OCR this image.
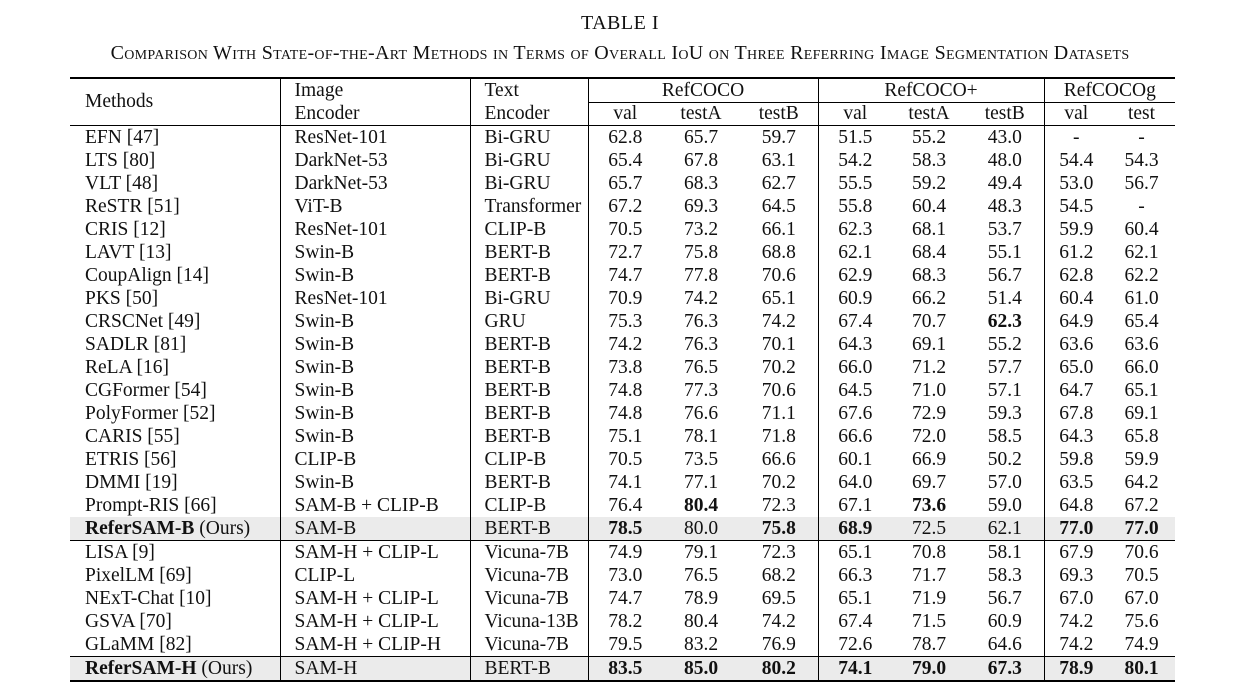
TABLE I
Comparison With State-of-the-Art Methods in Terms of Overall IoU on Three Referring Image Segmentation Datasets
Methods	Image	Text	RefCOCO			RefCOCO+			RefCOCOg	
	Encoder	Encoder	val	testA	testB	val	testA	testB	val	test
EFN [47]	ResNet-101	Bi-GRU	62.8	65.7	59.7	51.5	55.2	43.0	-	-
LTS [80]	DarkNet-53	Bi-GRU	65.4	67.8	63.1	54.2	58.3	48.0	54.4	54.3
VLT [48]	DarkNet-53	Bi-GRU	65.7	68.3	62.7	55.5	59.2	49.4	53.0	56.7
ReSTR [51]	ViT-B	Transformer	67.2	69.3	64.5	55.8	60.4	48.3	54.5	-
CRIS [12]	ResNet-101	CLIP-B	70.5	73.2	66.1	62.3	68.1	53.7	59.9	60.4
LAVT [13]	Swin-B	BERT-B	72.7	75.8	68.8	62.1	68.4	55.1	61.2	62.1
CoupAlign [14]	Swin-B	BERT-B	74.7	77.8	70.6	62.9	68.3	56.7	62.8	62.2
PKS [50]	ResNet-101	Bi-GRU	70.9	74.2	65.1	60.9	66.2	51.4	60.4	61.0
CRSCNet [49]	Swin-B	GRU	75.3	76.3	74.2	67.4	70.7	62.3	64.9	65.4
SADLR [81]	Swin-B	BERT-B	74.2	76.3	70.1	64.3	69.1	55.2	63.6	63.6
ReLA [16]	Swin-B	BERT-B	73.8	76.5	70.2	66.0	71.2	57.7	65.0	66.0
CGFormer [54]	Swin-B	BERT-B	74.8	77.3	70.6	64.5	71.0	57.1	64.7	65.1
PolyFormer [52]	Swin-B	BERT-B	74.8	76.6	71.1	67.6	72.9	59.3	67.8	69.1
CARIS [55]	Swin-B	BERT-B	75.1	78.1	71.8	66.6	72.0	58.5	64.3	65.8
ETRIS [56]	CLIP-B	CLIP-B	70.5	73.5	66.6	60.1	66.9	50.2	59.8	59.9
DMMI [19]	Swin-B	BERT-B	74.1	77.1	70.2	64.0	69.7	57.0	63.5	64.2
Prompt-RIS [66]	SAM-B + CLIP-B	CLIP-B	76.4	80.4	72.3	67.1	73.6	59.0	64.8	67.2
ReferSAM-B (Ours)	SAM-B	BERT-B	78.5	80.0	75.8	68.9	72.5	62.1	77.0	77.0
LISA [9]	SAM-H + CLIP-L	Vicuna-7B	74.9	79.1	72.3	65.1	70.8	58.1	67.9	70.6
PixelLM [69]	CLIP-L	Vicuna-7B	73.0	76.5	68.2	66.3	71.7	58.3	69.3	70.5
NExT-Chat [10]	SAM-H + CLIP-L	Vicuna-7B	74.7	78.9	69.5	65.1	71.9	56.7	67.0	67.0
GSVA [70]	SAM-H + CLIP-L	Vicuna-13B	78.2	80.4	74.2	67.4	71.5	60.9	74.2	75.6
GLaMM [82]	SAM-H + CLIP-H	Vicuna-7B	79.5	83.2	76.9	72.6	78.7	64.6	74.2	74.9
ReferSAM-H (Ours)	SAM-H	BERT-B	83.5	85.0	80.2	74.1	79.0	67.3	78.9	80.1
